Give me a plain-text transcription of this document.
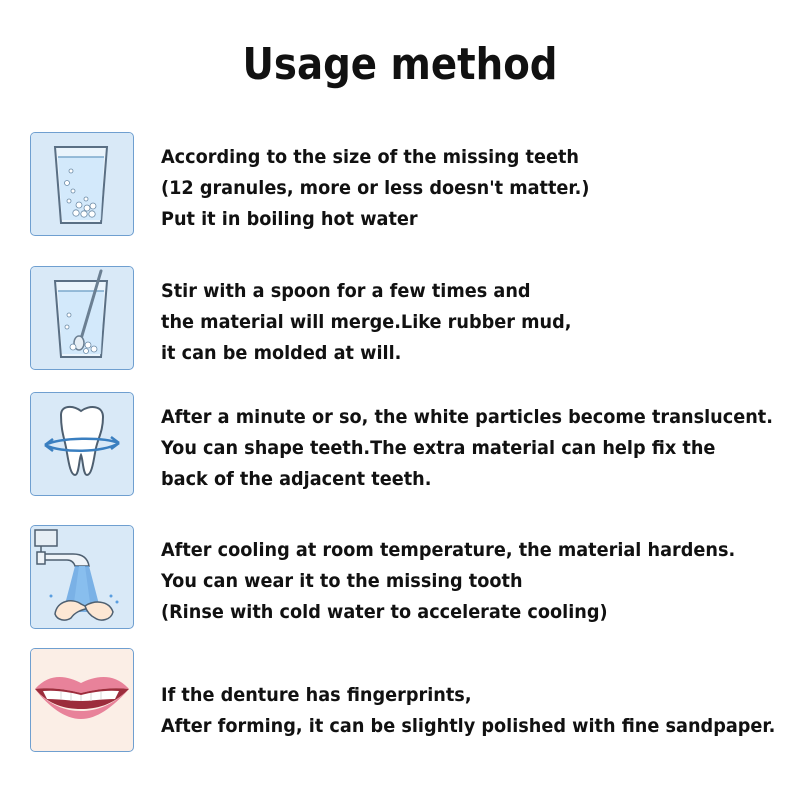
Usage method
According to the size of the missing teeth
(12 granules, more or less doesn't matter.)
Put it in boiling hot water
Stir with a spoon for a few times and
the material will merge.Like rubber mud,
it can be molded at will.
After a minute or so, the white particles become translucent.
You can shape teeth.The extra material can help fix the
back of the adjacent teeth.
After cooling at room temperature, the material hardens.
You can wear it to the missing tooth
(Rinse with cold water to accelerate cooling)
If the denture has fingerprints,
After forming, it can be slightly polished with fine sandpaper.
